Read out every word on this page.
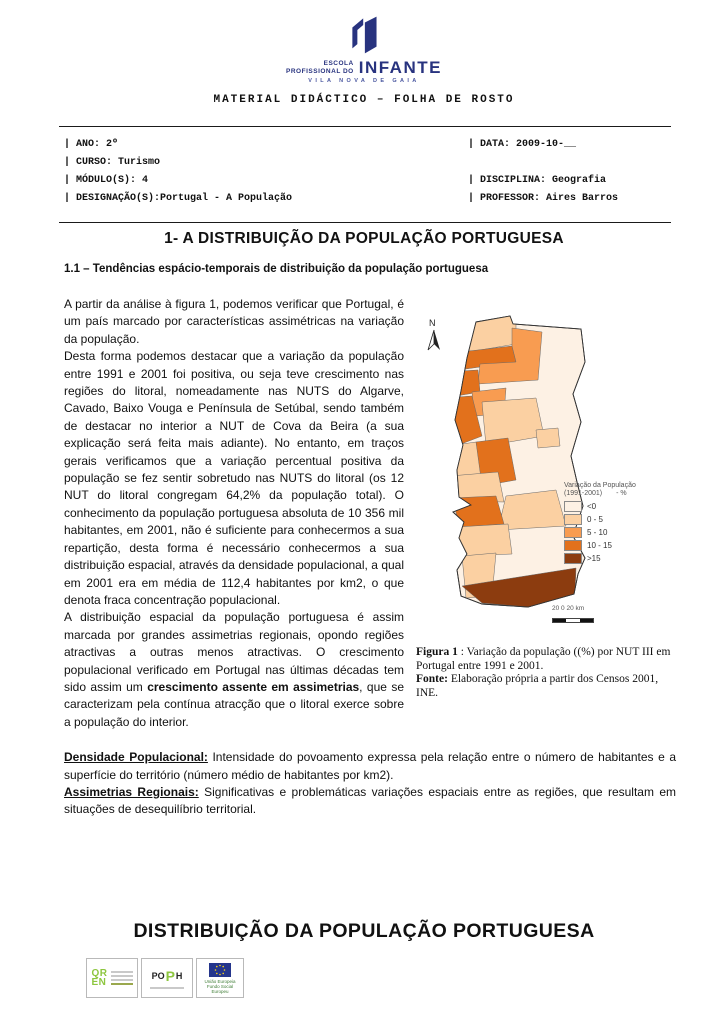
ESCOLA
PROFISSIONAL DO INFANTE
VILA NOVA DE GAIA
MATERIAL DIDÁCTICO – FOLHA DE ROSTO
| ANO: 2º
| CURSO: Turismo
| MÓDULO(S): 4
| DESIGNAÇÃO(S):Portugal - A População
| DATA: 2009-10-__
| DISCIPLINA: Geografia
| PROFESSOR: Aires Barros
1- A DISTRIBUIÇÃO DA POPULAÇÃO PORTUGUESA
1.1 – Tendências espácio-temporais de distribuição da população portuguesa
N
Variação da População
(1991-2001) - %
<0
0 - 5
5 - 10
10 - 15
>15
20 0 20 km
Figura 1 : Variação da população ((%) por NUT III em Portugal entre 1991 e 2001.
Fonte: Elaboração própria a partir dos Censos 2001, INE.

A partir da análise à figura 1, podemos verificar que Portugal, é um país marcado por características assimétricas na variação da população.

Desta forma podemos destacar que a variação da população entre 1991 e 2001 foi positiva, ou seja teve crescimento nas regiões do litoral, nomeadamente nas NUTS do Algarve, Cavado, Baixo Vouga e Península de Setúbal, sendo também de destacar no interior a NUT de Cova da Beira (a sua explicação será feita mais adiante). No entanto, em traços gerais verificamos que a variação percentual positiva da população se fez sentir sobretudo nas NUTS do litoral (os 12 NUT do litoral congregam 64,2% da população total). O conhecimento da população portuguesa absoluta de 10 356 mil habitantes, em 2001, não é suficiente para conhecermos a sua repartição, desta forma é necessário conhecermos a sua distribuição espacial, através da densidade populacional, a qual em 2001 era em média de 112,4 habitantes por km2, o que denota fraca concentração populacional.

A distribuição espacial da população portuguesa é assim marcada por grandes assimetrias regionais, opondo regiões atractivas a outras menos atractivas. O crescimento populacional verificado em Portugal nas últimas décadas tem sido assim um crescimento assente em assimetrias, que se caracterizam pela contínua atracção que o litoral exerce sobre a população do interior.

Densidade Populacional: Intensidade do povoamento expressa pela relação entre o número de habitantes e a superfície do território (número médio de habitantes por km2).

Assimetrias Regionais: Significativas e problemáticas variações espaciais entre as regiões, que resultam em situações de desequilíbrio territorial.

DISTRIBUIÇÃO DA POPULAÇÃO PORTUGUESA
QR
EN
PO P H
União Europeia
Fundo Social Europeu
